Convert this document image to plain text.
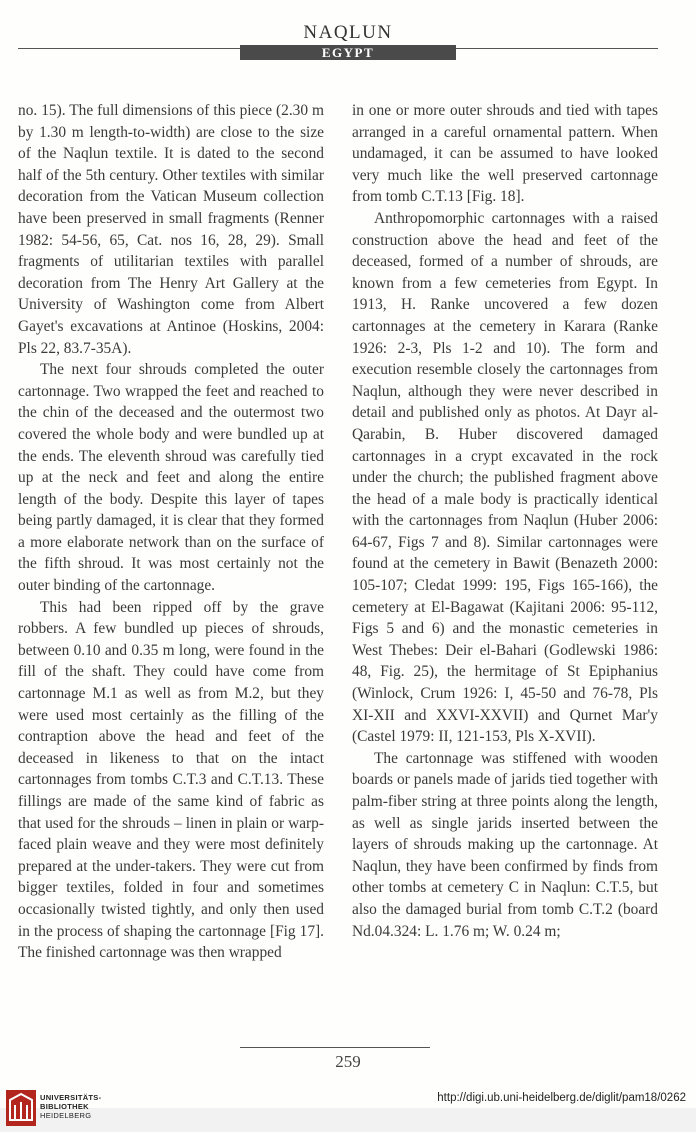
NAQLUN
EGYPT

no. 15). The full dimensions of this piece (2.30 m by 1.30 m length-to-width) are close to the size of the Naqlun textile. It is dated to the second half of the 5th century. Other textiles with similar decoration from the Vatican Museum collection have been preserved in small fragments (Renner 1982: 54-56, 65, Cat. nos 16, 28, 29). Small fragments of utilitarian textiles with parallel decoration from The Henry Art Gallery at the University of Washington come from Albert Gayet's excavations at Antinoe (Hoskins, 2004: Pls 22, 83.7-35A).

The next four shrouds completed the outer cartonnage. Two wrapped the feet and reached to the chin of the deceased and the outermost two covered the whole body and were bundled up at the ends. The eleventh shroud was carefully tied up at the neck and feet and along the entire length of the body. Despite this layer of tapes being partly damaged, it is clear that they formed a more elaborate network than on the surface of the fifth shroud. It was most certainly not the outer binding of the cartonnage.

This had been ripped off by the grave robbers. A few bundled up pieces of shrouds, between 0.10 and 0.35 m long, were found in the fill of the shaft. They could have come from cartonnage M.1 as well as from M.2, but they were used most certainly as the filling of the contraption above the head and feet of the deceased in likeness to that on the intact cartonnages from tombs C.T.3 and C.T.13. These fillings are made of the same kind of fabric as that used for the shrouds – linen in plain or warp-faced plain weave and they were most definitely prepared at the under-takers. They were cut from bigger textiles, folded in four and sometimes occasionally twisted tightly, and only then used in the process of shaping the cartonnage [Fig 17]. The finished cartonnage was then wrapped

in one or more outer shrouds and tied with tapes arranged in a careful ornamental pattern. When undamaged, it can be assumed to have looked very much like the well preserved cartonnage from tomb C.T.13 [Fig. 18].

Anthropomorphic cartonnages with a raised construction above the head and feet of the deceased, formed of a number of shrouds, are known from a few cemeteries from Egypt. In 1913, H. Ranke uncovered a few dozen cartonnages at the cemetery in Karara (Ranke 1926: 2-3, Pls 1-2 and 10). The form and execution resemble closely the cartonnages from Naqlun, although they were never described in detail and published only as photos. At Dayr al-Qarabin, B. Huber discovered damaged cartonnages in a crypt excavated in the rock under the church; the published fragment above the head of a male body is practically identical with the cartonnages from Naqlun (Huber 2006: 64-67, Figs 7 and 8). Similar cartonnages were found at the cemetery in Bawit (Benazeth 2000: 105-107; Cledat 1999: 195, Figs 165-166), the cemetery at El-Bagawat (Kajitani 2006: 95-112, Figs 5 and 6) and the monastic cemeteries in West Thebes: Deir el-Bahari (Godlewski 1986: 48, Fig. 25), the hermitage of St Epiphanius (Winlock, Crum 1926: I, 45-50 and 76-78, Pls XI-XII and XXVI-XXVII) and Qurnet Mar'y (Castel 1979: II, 121-153, Pls X-XVII).

The cartonnage was stiffened with wooden boards or panels made of jarids tied together with palm-fiber string at three points along the length, as well as single jarids inserted between the layers of shrouds making up the cartonnage. At Naqlun, they have been confirmed by finds from other tombs at cemetery C in Naqlun: C.T.5, but also the damaged burial from tomb C.T.2 (board Nd.04.324: L. 1.76 m; W. 0.24 m;

259
UNIVERSITÄTS-
BIBLIOTHEK
HEIDELBERG
http://digi.ub.uni-heidelberg.de/diglit/pam18/0262
